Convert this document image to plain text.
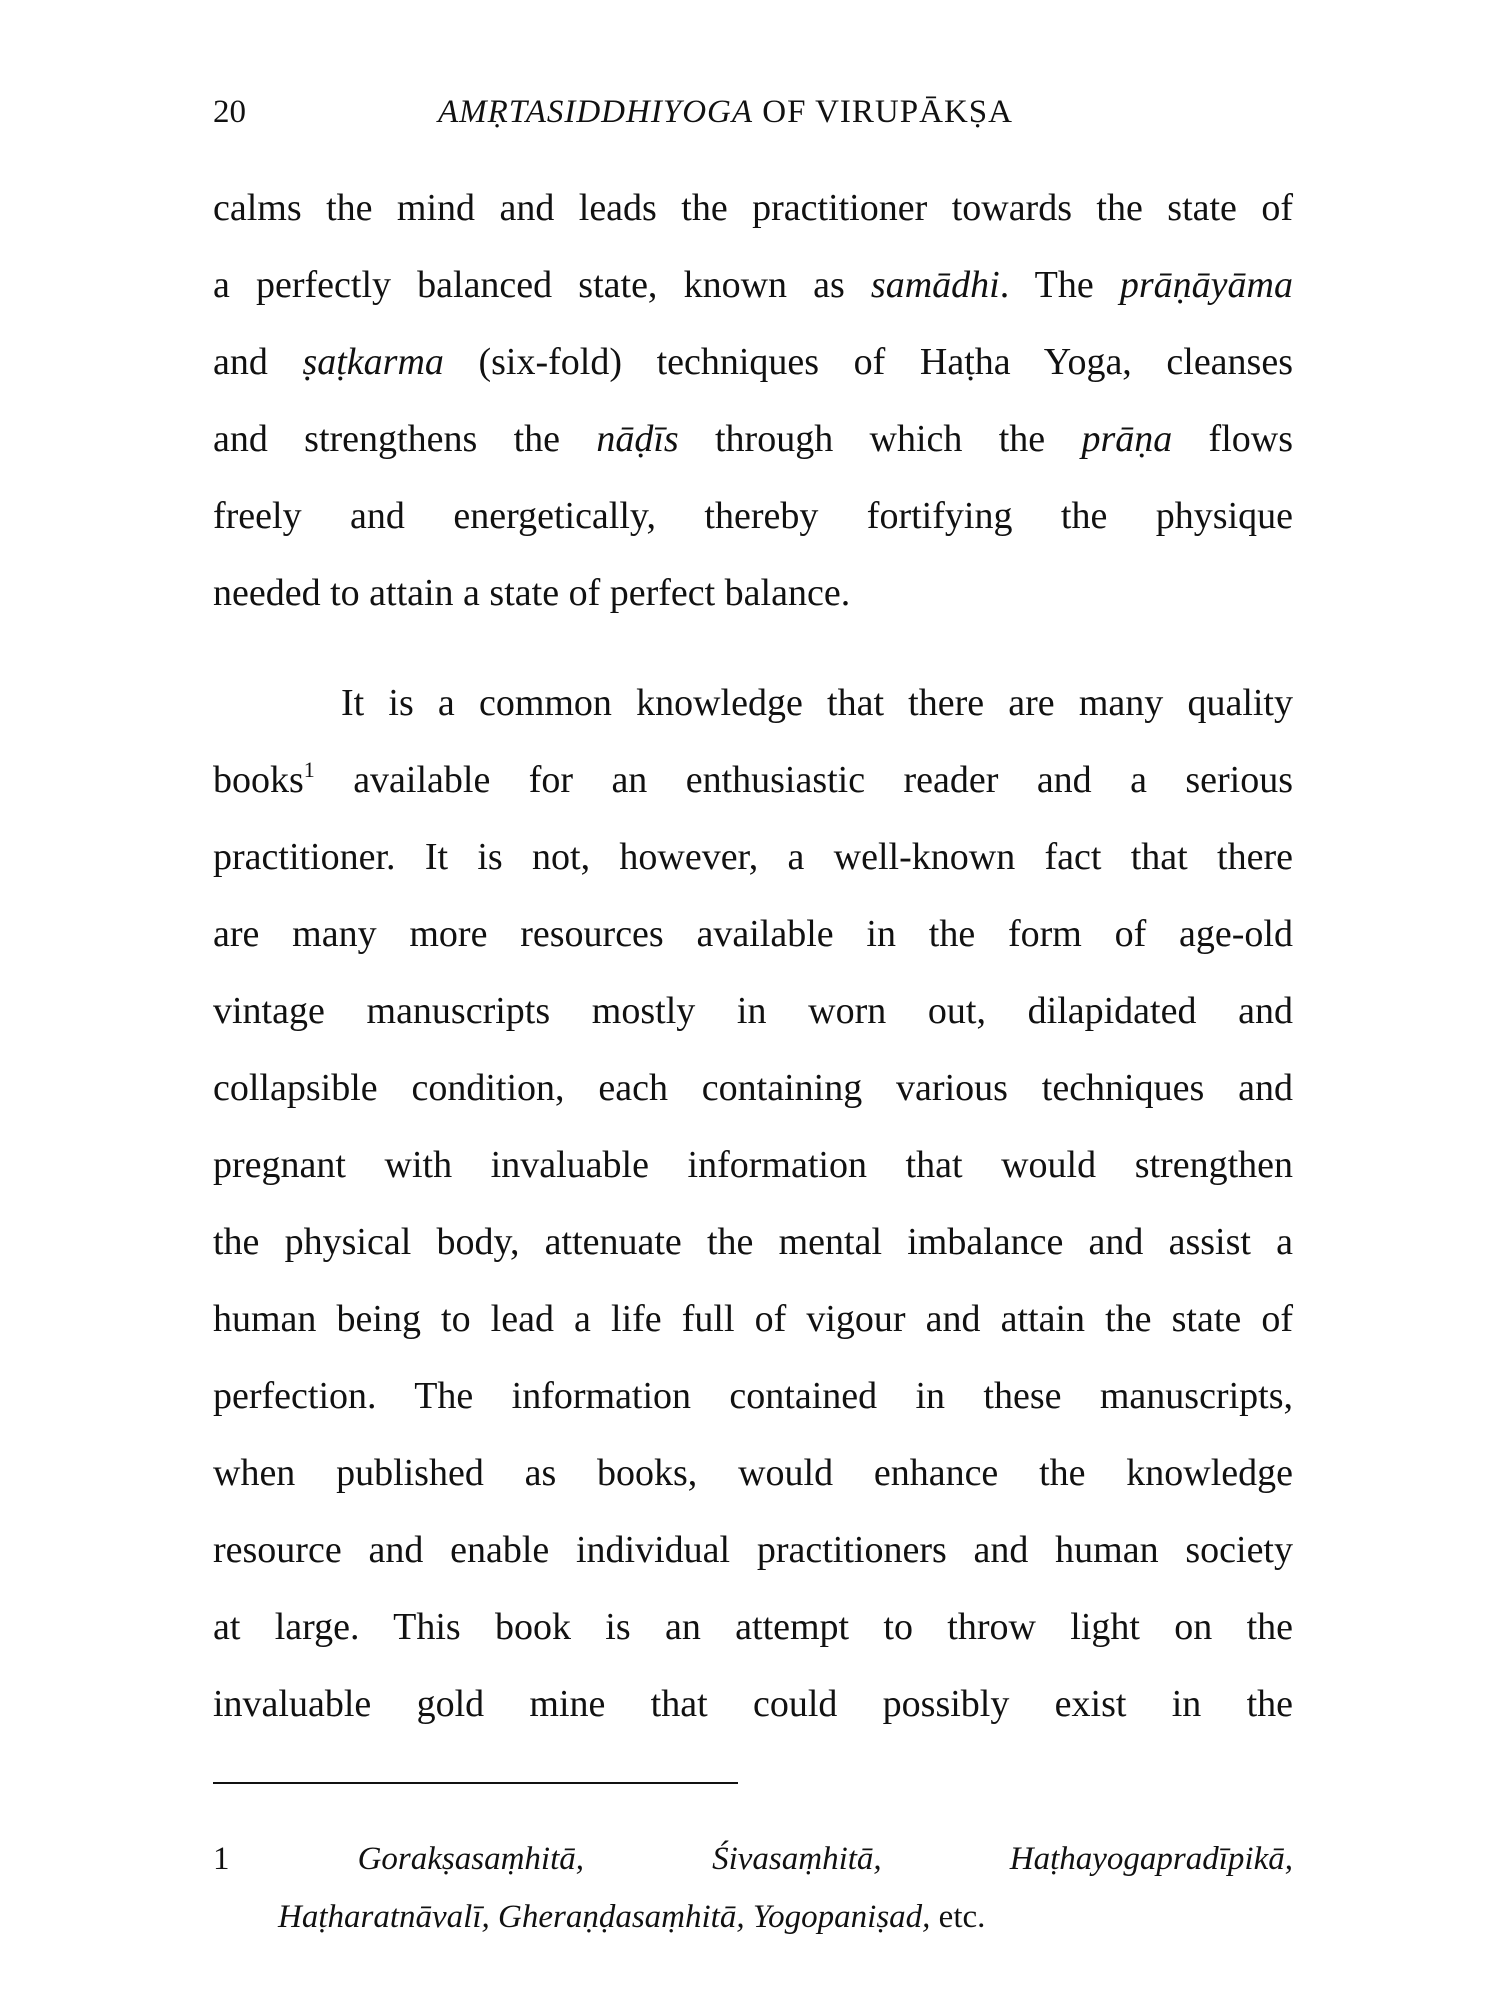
20	AMṚTASIDDHIYOGA OF VIRUPĀKṢA
calms the mind and leads the practitioner towards the state of
a perfectly balanced state, known as samādhi. The prāṇāyāma
and ṣaṭkarma (six-fold) techniques of Haṭha Yoga, cleanses
and strengthens the nāḍīs through which the prāṇa flows
freely and energetically, thereby fortifying the physique
needed to attain a state of perfect balance.
It is a common knowledge that there are many quality
books$^1$ available for an enthusiastic reader and a serious
practitioner. It is not, however, a well-known fact that there
are many more resources available in the form of age-old
vintage manuscripts mostly in worn out, dilapidated and
collapsible condition, each containing various techniques and
pregnant with invaluable information that would strengthen
the physical body, attenuate the mental imbalance and assist a
human being to lead a life full of vigour and attain the state of
perfection. The information contained in these manuscripts,
when published as books, would enhance the knowledge
resource and enable individual practitioners and human society
at large. This book is an attempt to throw light on the
invaluable gold mine that could possibly exist in the
1	Gorakṣasaṃhitā,	Śivasaṃhitā,	Haṭhayogapradīpikā,
Haṭharatnāvalī, Gheraṇḍasaṃhitā, Yogopaniṣad, etc.
